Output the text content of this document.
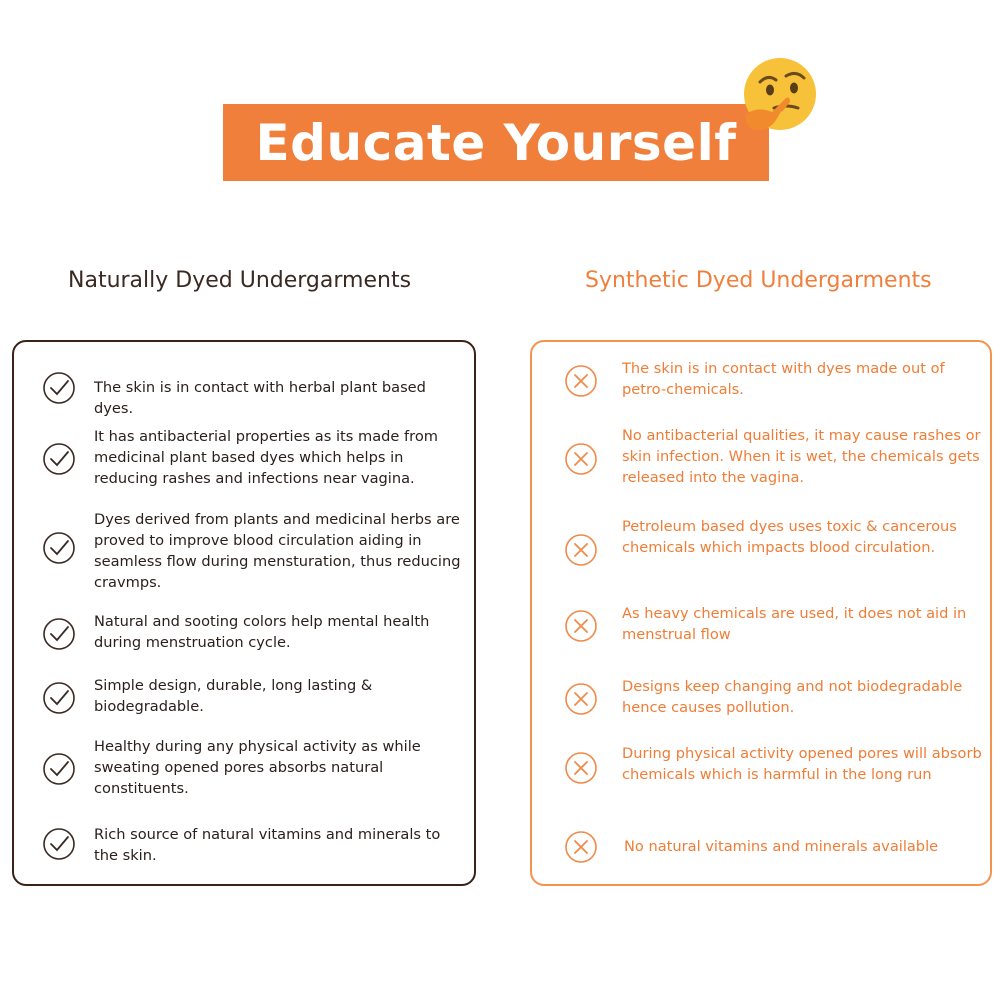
Educate Yourself
Naturally Dyed Undergarments	Synthetic Dyed Undergarments
The skin is in contact with herbal plant based dyes.
It has antibacterial properties as its made from medicinal plant based dyes which helps in reducing rashes and infections near vagina.
Dyes derived from plants and medicinal herbs are proved to improve blood circulation aiding in seamless flow during mensturation, thus reducing cravmps.
Natural and sooting colors help mental health during menstruation cycle.
Simple design, durable, long lasting & biodegradable.
Healthy during any physical activity as while sweating opened pores absorbs natural constituents.
Rich source of natural vitamins and minerals to the skin.
The skin is in contact with dyes made out of petro-chemicals.
No antibacterial qualities, it may cause rashes or skin infection. When it is wet, the chemicals gets released into the vagina.
Petroleum based dyes uses toxic & cancerous chemicals which impacts blood circulation.
As heavy chemicals are used, it does not aid in menstrual flow
Designs keep changing and not biodegradable hence causes pollution.
During physical activity opened pores will absorb chemicals which is harmful in the long run
No natural vitamins and minerals available
